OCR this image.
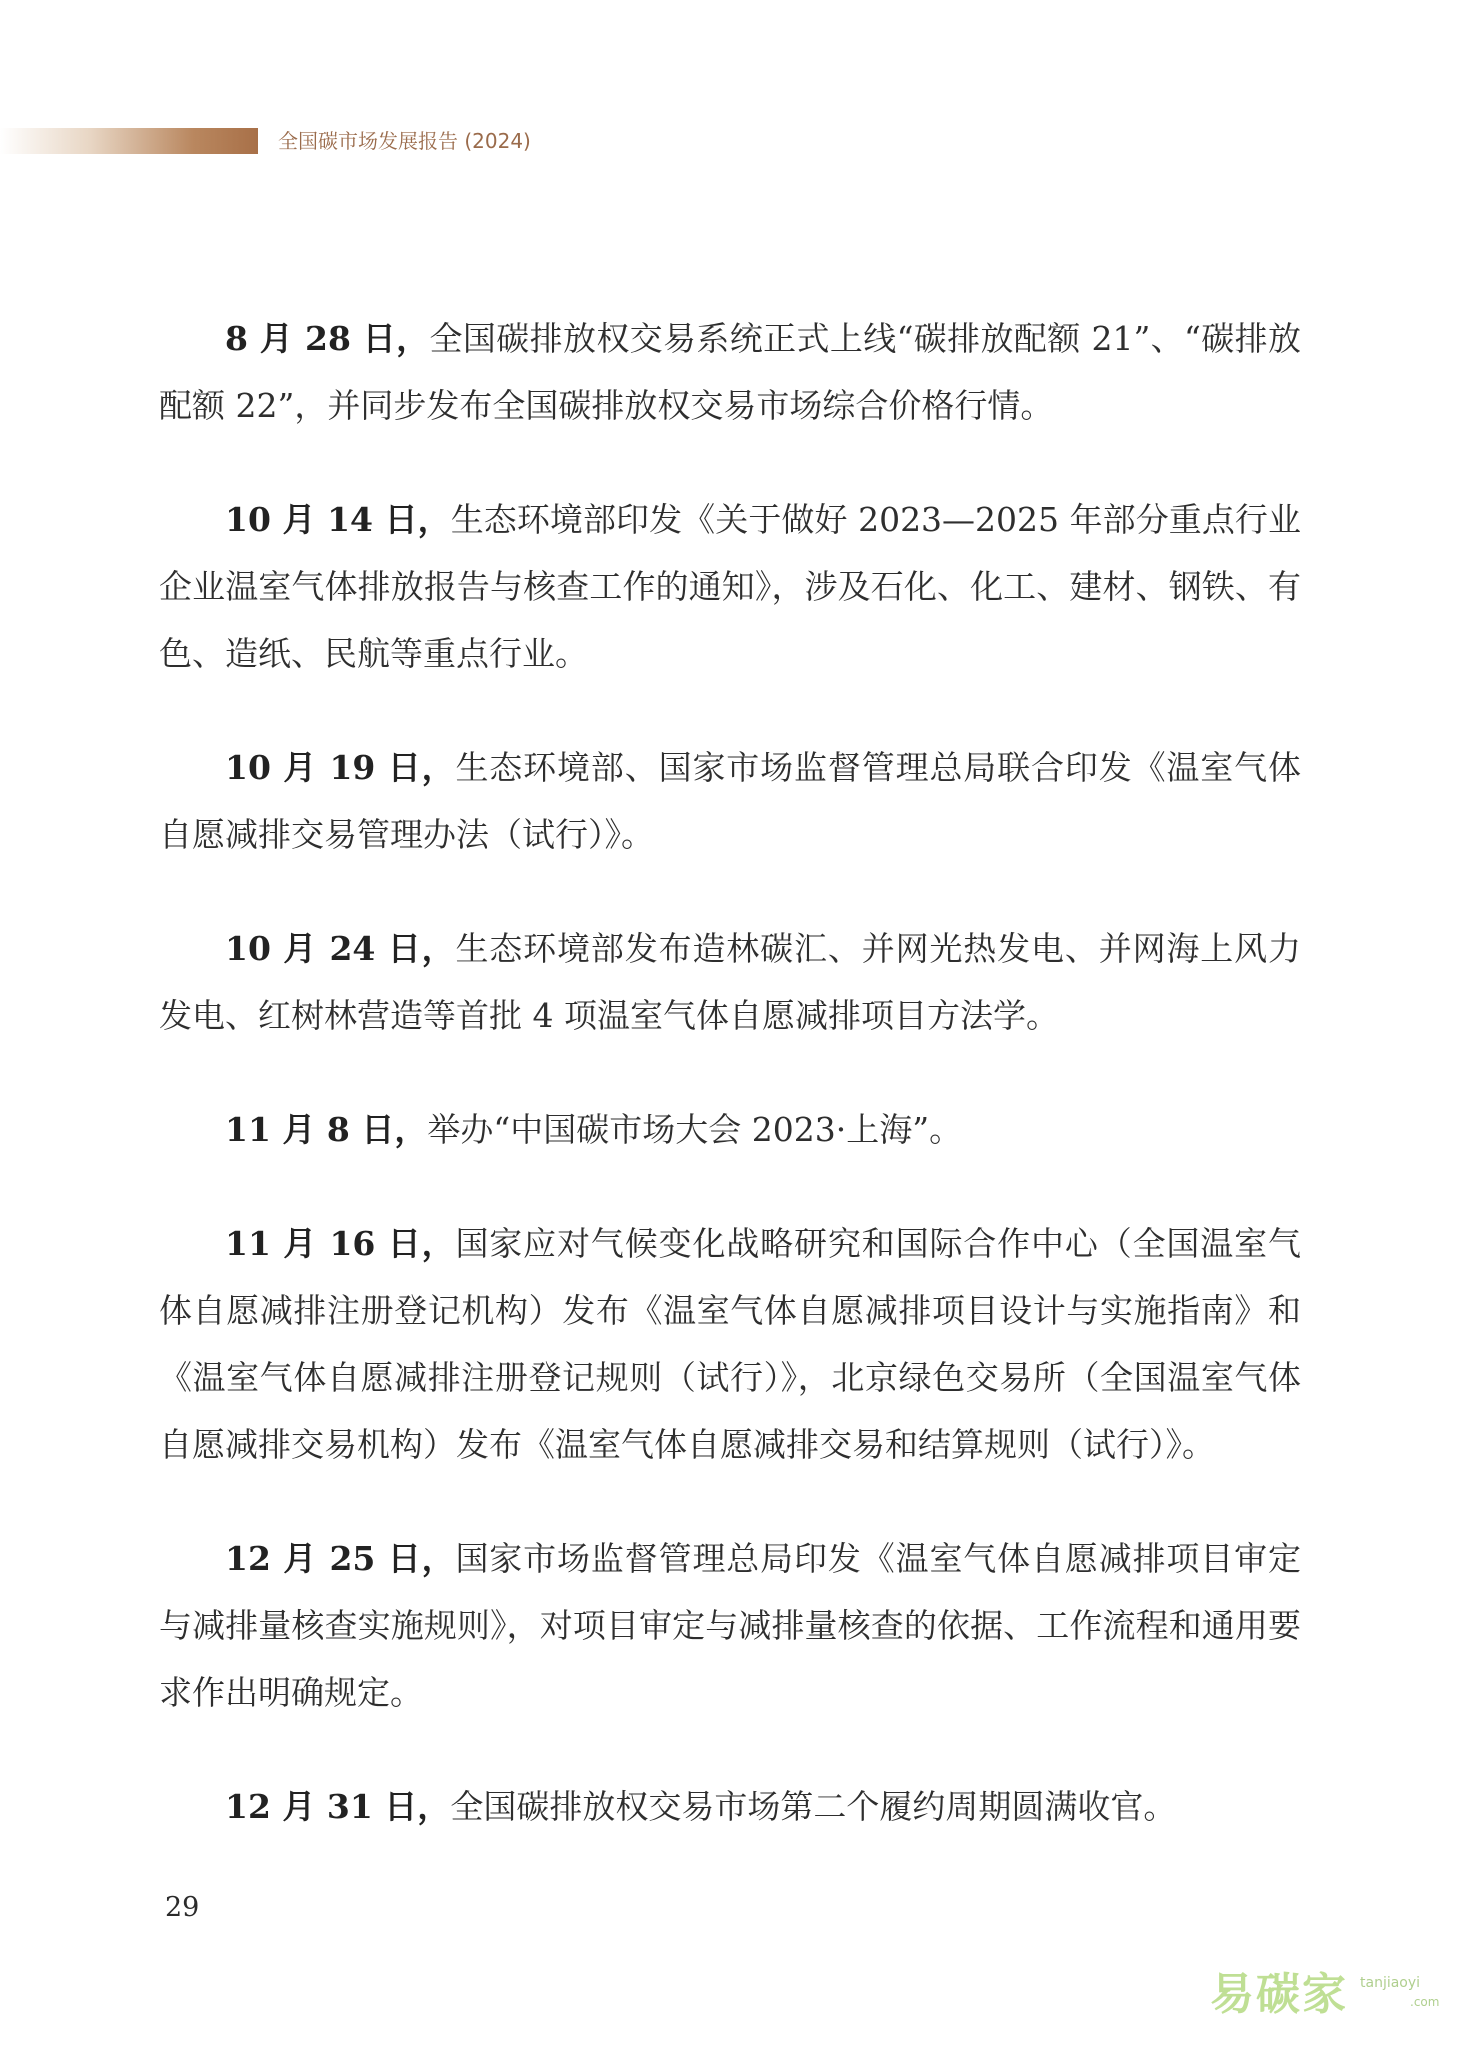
全国碳市场发展报告 (2024)

8 月 28 日，全国碳排放权交易系统正式上线“碳排放配额 21”、“碳排放配额 22”，并同步发布全国碳排放权交易市场综合价格行情。

10 月 14 日，生态环境部印发《关于做好 2023—2025 年部分重点行业企业温室气体排放报告与核查工作的通知》，涉及石化、化工、建材、钢铁、有色、造纸、民航等重点行业。

10 月 19 日，生态环境部、国家市场监督管理总局联合印发《温室气体自愿减排交易管理办法（试行）》。

10 月 24 日，生态环境部发布造林碳汇、并网光热发电、并网海上风力发电、红树林营造等首批 4 项温室气体自愿减排项目方法学。

11 月 8 日，举办“中国碳市场大会 2023·上海”。

11 月 16 日，国家应对气候变化战略研究和国际合作中心（全国温室气体自愿减排注册登记机构）发布《温室气体自愿减排项目设计与实施指南》和《温室气体自愿减排注册登记规则（试行）》，北京绿色交易所（全国温室气体自愿减排交易机构）发布《温室气体自愿减排交易和结算规则（试行）》。

12 月 25 日，国家市场监督管理总局印发《温室气体自愿减排项目审定与减排量核查实施规则》，对项目审定与减排量核查的依据、工作流程和通用要求作出明确规定。

12 月 31 日，全国碳排放权交易市场第二个履约周期圆满收官。

29
易碳家 tanjiaoyi
.com
